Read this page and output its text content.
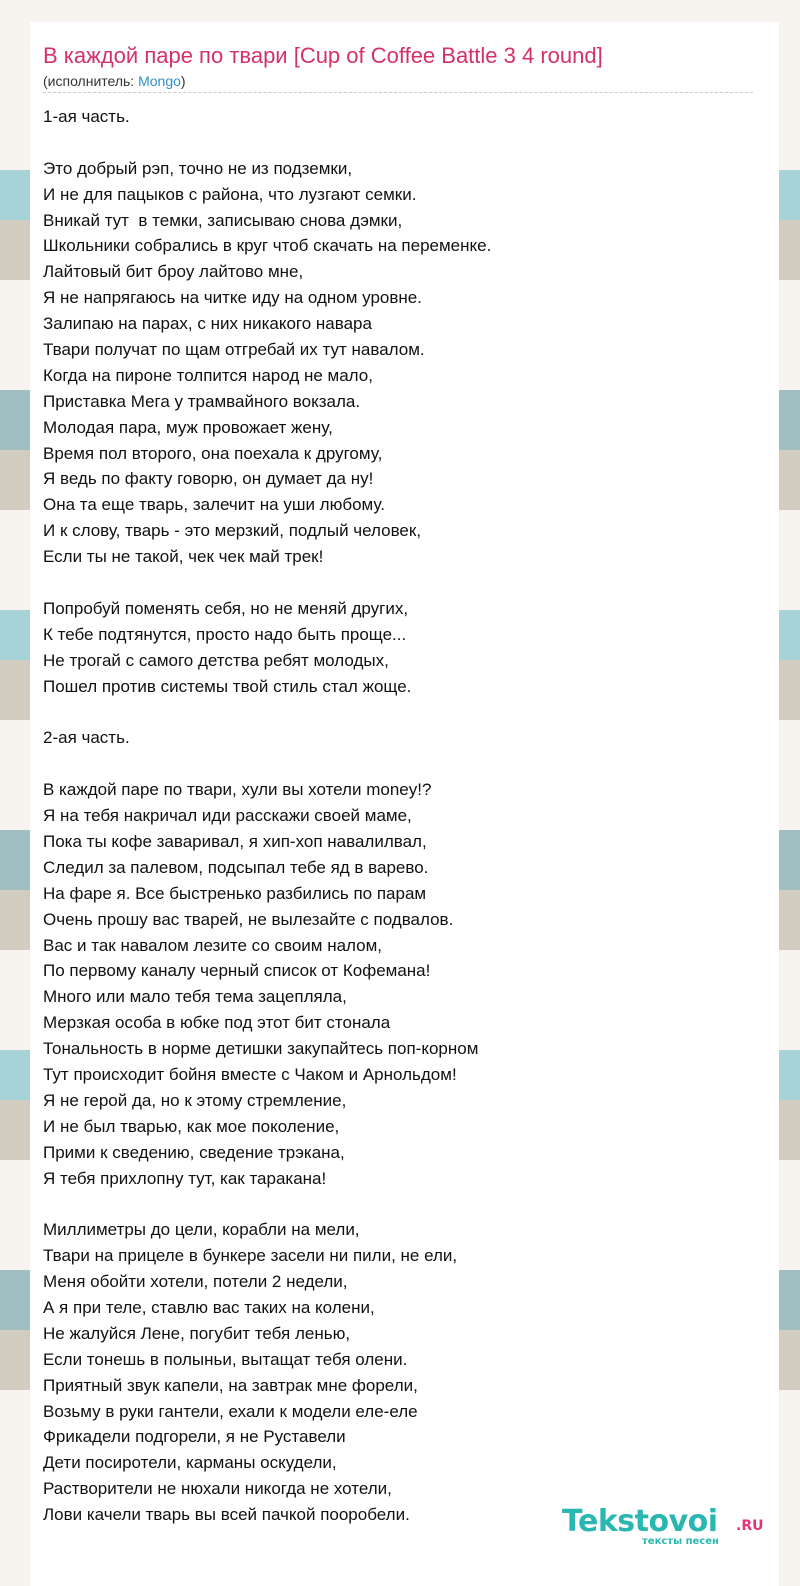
В каждой паре по твари [Cup of Coffee Battle 3 4 round]
(исполнитель: Mongo)
1-ая часть.
Это добрый рэп, точно не из подземки,
И не для пацыков с района, что лузгают семки.
Вникай тут  в темки, записываю снова дэмки,
Школьники собрались в круг чтоб скачать на переменке.
Лайтовый бит броу лайтово мне,
Я не напрягаюсь на читке иду на одном уровне.
Залипаю на парах, с них никакого навара
Твари получат по щам отгребай их тут навалом.
Когда на пироне толпится народ не мало,
Приставка Мега у трамвайного вокзала.
Молодая пара, муж провожает жену,
Время пол второго, она поехала к другому,
Я ведь по факту говорю, он думает да ну!
Она та еще тварь, залечит на уши любому.
И к слову, тварь - это мерзкий, подлый человек,
Если ты не такой, чек чек май трек!
Попробуй поменять себя, но не меняй других,
К тебе подтянутся, просто надо быть проще...
Не трогай с самого детства ребят молодых,
Пошел против системы твой стиль стал жоще.
2-ая часть.
В каждой паре по твари, хули вы хотели money!?
Я на тебя накричал иди расскажи своей маме,
Пока ты кофе заваривал, я хип-хоп навалилвал,
Следил за палевом, подсыпал тебе яд в варево.
На фаре я. Все быстренько разбились по парам
Очень прошу вас тварей, не вылезайте с подвалов.
Вас и так навалом лезите со своим налом,
По первому каналу черный список от Кофемана!
Много или мало тебя тема зацепляла,
Мерзкая особа в юбке под этот бит стонала
Тональность в норме детишки закупайтесь поп-корном
Тут происходит бойня вместе с Чаком и Арнольдом!
Я не герой да, но к этому стремление,
И не был тварью, как мое поколение,
Прими к сведению, сведение трэкана,
Я тебя прихлопну тут, как таракана!
Миллиметры до цели, корабли на мели,
Твари на прицеле в бункере засели ни пили, не ели,
Меня обойти хотели, потели 2 недели,
А я при теле, ставлю вас таких на колени,
Не жалуйся Лене, погубит тебя ленью,
Если тонешь в полыньи, вытащат тебя олени.
Приятный звук капели, на завтрак мне форели,
Возьму в руки гантели, ехали к модели еле-еле
Фрикадели подгорели, я не Руставели
Дети посиротели, карманы оскудели,
Растворители не нюхали никогда не хотели,
Лови качели тварь вы всей пачкой пооробели.	Tekstovoi .RU
тексты песен
